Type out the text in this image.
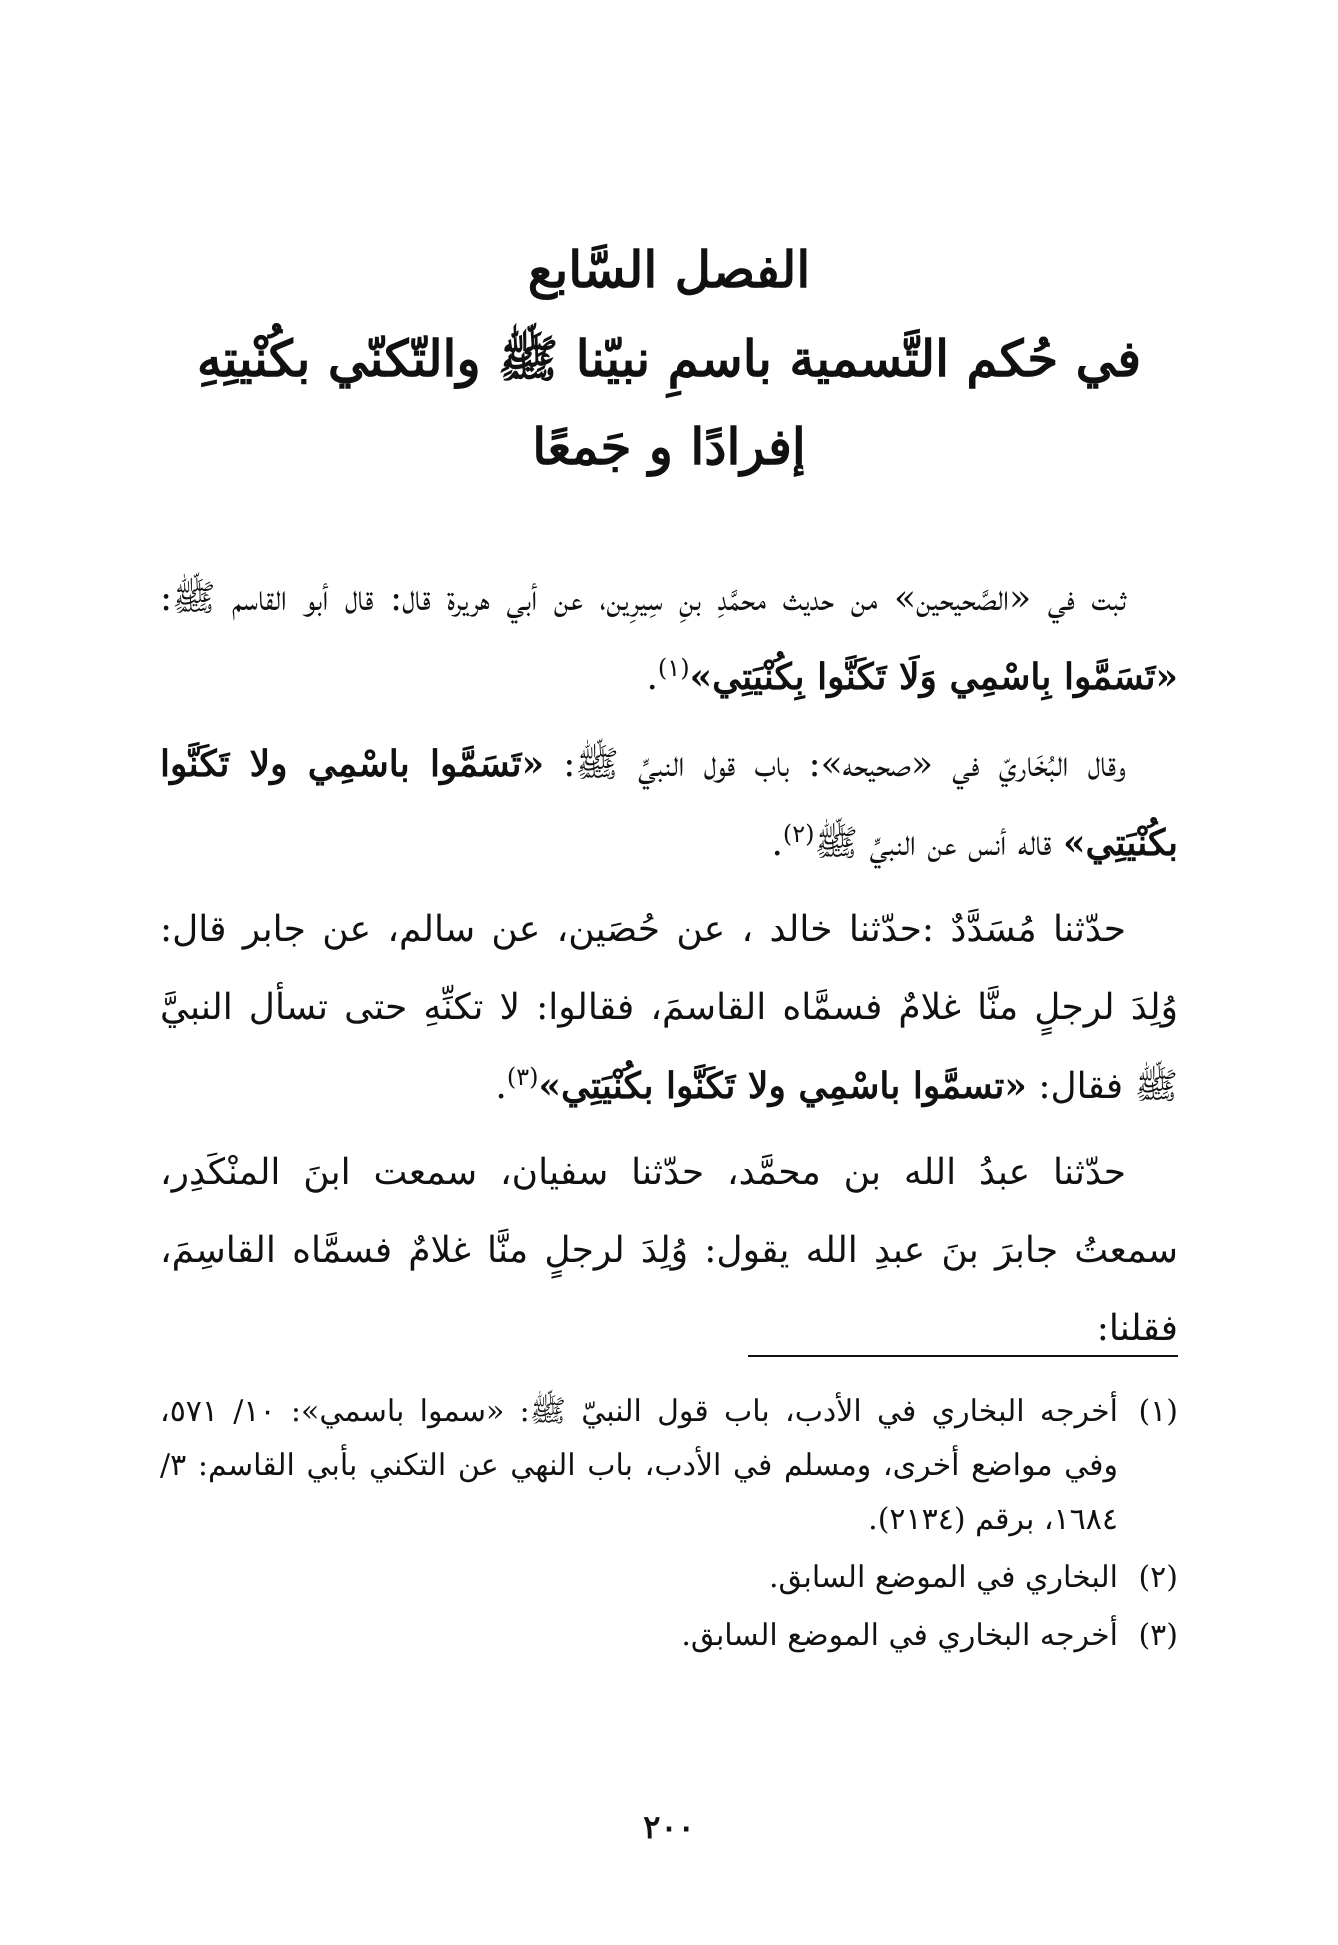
الفصل السَّابع
في حُكم التَّسمية باسمِ نبيّنا ﷺ والتّكنّي بكُنْيتِهِ
إفرادًا و جَمعًا

ثبت في «الصَّحيحين» من حديث محمَّدِ بنِ سِيرِين، عن أبي هريرة قال: قال أبو القاسم ﷺ: «تَسَمَّوا بِاسْمِي وَلَا تَكَنَّوا بِكُنْيَتِي»$^{(١)}$.

وقال البُخَاريّ في «صحيحه»: باب قول النبيِّ ﷺ: «تَسَمَّوا باسْمِي ولا تَكَنَّوا بكُنْيَتِي» قاله أنس عن النبيِّ ﷺ$^{(٢)}$.

حدّثنا مُسَدَّدٌ :حدّثنا خالد ، عن حُصَين، عن سالم، عن جابر قال: وُلِدَ لرجلٍ منَّا غلامٌ فسمَّاه القاسمَ، فقالوا: لا تكنِّهِ حتى تسأل النبيَّ ﷺ فقال: «تسمَّوا باسْمِي ولا تَكَنَّوا بكُنْيَتِي»$^{(٣)}$.

حدّثنا عبدُ الله بن محمَّد، حدّثنا سفيان، سمعت ابنَ المنْكَدِر، سمعتُ جابرَ بنَ عبدِ الله يقول: وُلِدَ لرجلٍ منَّا غلامٌ فسمَّاه القاسِمَ، فقلنا:

(١)
أخرجه البخاري في الأدب، باب قول النبيّ ﷺ: «سموا باسمي»: ١٠/ ٥٧١، وفي مواضع أخرى، ومسلم في الأدب، باب النهي عن التكني بأبي القاسم: ٣/ ١٦٨٤، برقم (٢١٣٤).
(٢)
البخاري في الموضع السابق.
(٣)
أخرجه البخاري في الموضع السابق.
٢٠٠
